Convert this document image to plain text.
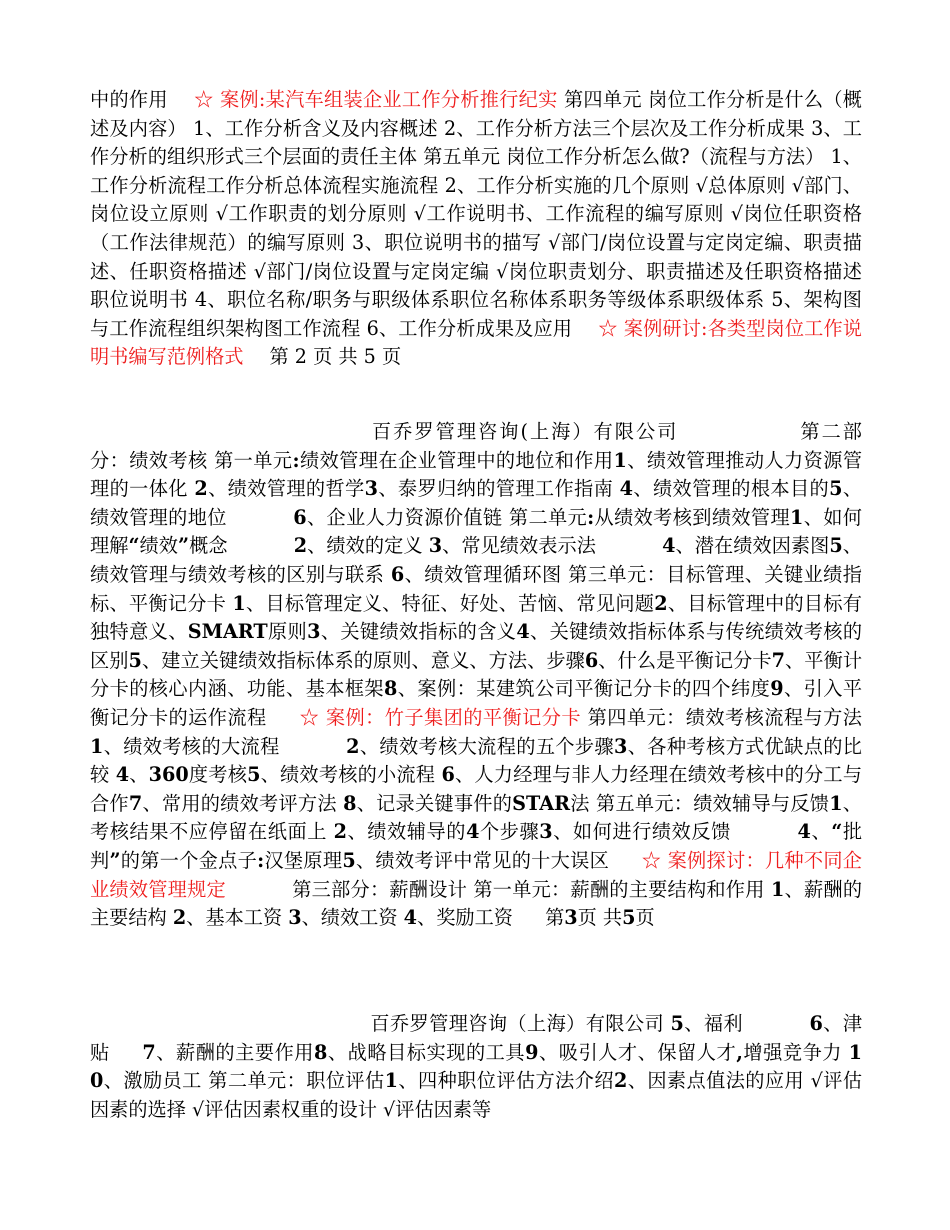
中的作用 ☆ 案例:某汽车组装企业工作分析推行纪实 第四单元 岗位工作分析是什么（概述及内容） 1、工作分析含义及内容概述 2、工作分析方法三个层次及工作分析成果 3、工作分析的组织形式三个层面的责任主体 第五单元 岗位工作分析怎么做?（流程与方法） 1、工作分析流程工作分析总体流程实施流程 2、工作分析实施的几个原则 √总体原则 √部门、岗位设立原则 √工作职责的划分原则 √工作说明书、工作流程的编写原则 √岗位任职资格（工作法律规范）的编写原则 3、职位说明书的描写 √部门/岗位设置与定岗定编、职责描述、任职资格描述 √部门/岗位设置与定岗定编 √岗位职责划分、职责描述及任职资格描述职位说明书 4、职位名称/职务与职级体系职位名称体系职务等级体系职级体系 5、架构图与工作流程组织架构图工作流程 6、工作分析成果及应用 ☆ 案例研讨:各类型岗位工作说明书编写范例格式 第 2 页 共 5 页
百乔罗管理咨询(上海）有限公司	第二部分：绩效考核 第一单元:绩效管理在企业管理中的地位和作用1、绩效管理推动人力资源管理的一体化 2、绩效管理的哲学3、泰罗归纳的管理工作指南 4、绩效管理的根本目的5、绩效管理的地位	6、企业人力资源价值链 第二单元:从绩效考核到绩效管理1、如何理解“绩效”概念	2、绩效的定义 3、常见绩效表示法	4、潜在绩效因素图5、绩效管理与绩效考核的区别与联系 6、绩效管理循环图 第三单元：目标管理、关键业绩指标、平衡记分卡 1、目标管理定义、特征、好处、苦恼、常见问题2、目标管理中的目标有独特意义、SMART原则3、关键绩效指标的含义4、关键绩效指标体系与传统绩效考核的区别5、建立关键绩效指标体系的原则、意义、方法、步骤6、什么是平衡记分卡7、平衡计分卡的核心内涵、功能、基本框架8、案例：某建筑公司平衡记分卡的四个纬度9、引入平衡记分卡的运作流程 ☆ 案例：竹子集团的平衡记分卡 第四单元：绩效考核流程与方法1、绩效考核的大流程	2、绩效考核大流程的五个步骤3、各种考核方式优缺点的比较 4、360度考核5、绩效考核的小流程 6、人力经理与非人力经理在绩效考核中的分工与合作7、常用的绩效考评方法 8、记录关键事件的STAR法 第五单元：绩效辅导与反馈1、考核结果不应停留在纸面上 2、绩效辅导的4个步骤3、如何进行绩效反馈	4、“批判”的第一个金点子:汉堡原理5、绩效考评中常见的十大误区 ☆ 案例探讨：几种不同企业绩效管理规定	第三部分：薪酬设计 第一单元：薪酬的主要结构和作用 1、薪酬的主要结构 2、基本工资 3、绩效工资 4、奖励工资 第3页 共5页
百乔罗管理咨询（上海）有限公司 5、福利	6、津贴 7、薪酬的主要作用8、战略目标实现的工具9、吸引人才、保留人才,增强竞争力 10、激励员工 第二单元：职位评估1、四种职位评估方法介绍2、因素点值法的应用 √评估因素的选择 √评估因素权重的设计 √评估因素等
